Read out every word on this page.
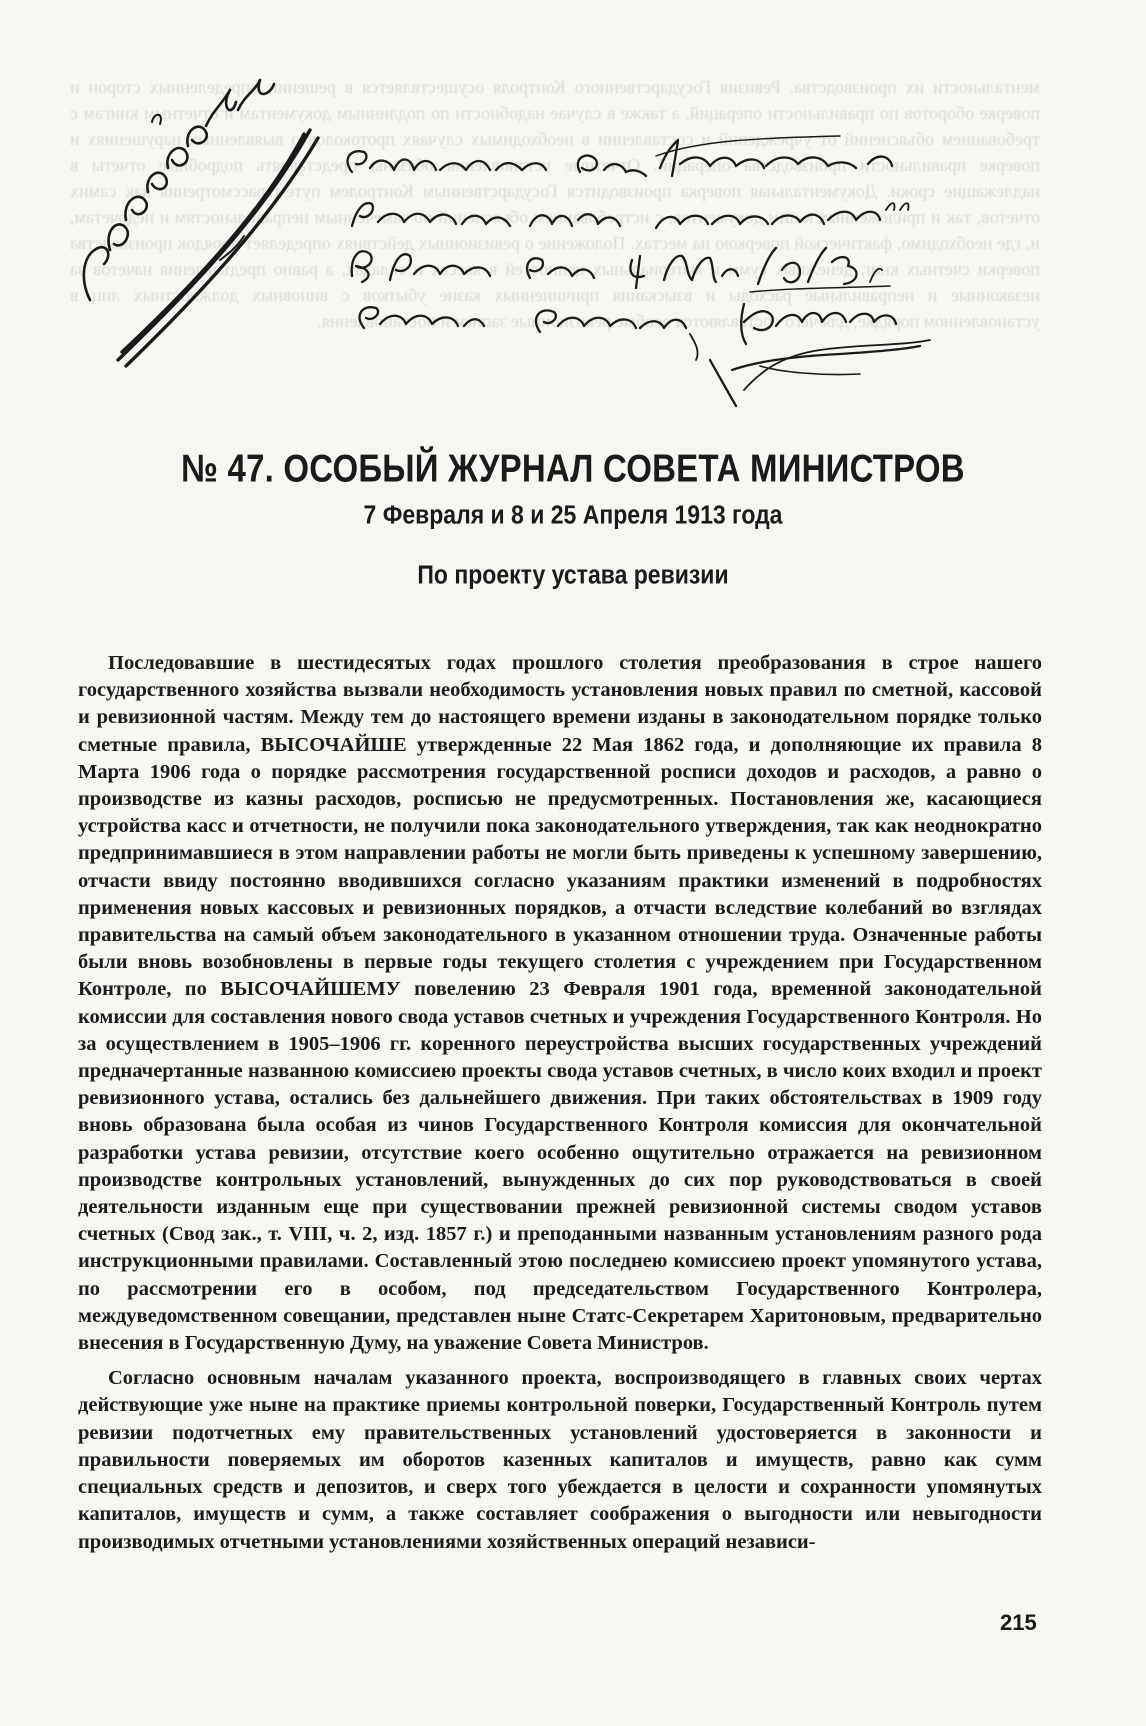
ментальности их производства. Ревизия Государственного Контроля осуществляется в решении определенных сторон и поверке оборотов по правильности операций, а также в случае надобности по подлинным документам и отчетным книгам с требованием объяснений от учреждений и составлении в необходимых случаях протоколов о выявленных нарушениях и поверке правильности производства операций. Отчетные установления обязаны представлять подробные отчеты в надлежащие сроки. Документальная поверка производится Государственным Контролем путем рассмотрения как самих отчетов, так и приложенных к ним документов, с истребованием объяснений по замеченным неправильностям и недочетам, и, где необходимо, фактической поверкою на местах. Положение о ревизионных действиях определяет порядок производства поверки счетных книг, денежных сумм и материальных ценностей в кассах и складах, а равно предъявления начетов за незаконные и неправильные расходы и взыскания причиненных казне убытков с виновных должностных лиц в установленном порядке, для чего составляются особые ревизионные записи и постановления.
№ 47. ОСОБЫЙ ЖУРНАЛ СОВЕТА МИНИСТРОВ
7 Февраля и 8 и 25 Апреля 1913 года
По проекту устава ревизии

Последовавшие в шестидесятых годах прошлого столетия преобразования в строе нашего государственного хозяйства вызвали необходимость установления новых правил по сметной, кассовой и ревизионной частям. Между тем до настоящего времени изданы в законодательном порядке только сметные правила, ВЫСОЧАЙШЕ утвержденные 22 Мая 1862 года, и дополняющие их правила 8 Марта 1906 года о порядке рассмотрения государственной росписи доходов и расходов, а равно о производстве из казны расходов, росписью не предусмотренных. Постановления же, касающиеся устройства касс и отчетности, не получили пока законодательного утверждения, так как неоднократно предпринимавшиеся в этом направлении работы не могли быть приведены к успешному завершению, отчасти ввиду постоянно вводившихся согласно указаниям практики изменений в подробностях применения новых кассовых и ревизионных порядков, а отчасти вследствие колебаний во взглядах правительства на самый объем законодательного в указанном отношении труда. Означенные работы были вновь возобновлены в первые годы текущего столетия с учреждением при Государственном Контроле, по ВЫСОЧАЙШЕМУ повелению 23 Февраля 1901 года, временной законодательной комиссии для составления нового свода уставов счетных и учреждения Государственного Контроля. Но за осуществлением в 1905–1906 гг. коренного переустройства высших государственных учреждений предначертанные названною комиссиею проекты свода уставов счетных, в число коих входил и проект ревизионного устава, остались без дальнейшего движения. При таких обстоятельствах в 1909 году вновь образована была особая из чинов Государственного Контроля комиссия для окончательной разработки устава ревизии, отсутствие коего особенно ощутительно отражается на ревизионном производстве контрольных установлений, вынужденных до сих пор руководствоваться в своей деятельности изданным еще при существовании прежней ревизионной системы сводом уставов счетных (Свод зак., т. VIII, ч. 2, изд. 1857 г.) и преподанными названным установлениям разного рода инструкционными правилами. Составленный этою последнею комиссиею проект упомянутого устава, по рассмотрении его в особом, под председательством Государственного Контролера, междуведомственном совещании, представлен ныне Статс-Секретарем Харитоновым, предварительно внесения в Государственную Думу, на уважение Совета Министров.

Согласно основным началам указанного проекта, воспроизводящего в главных своих чертах действующие уже ныне на практике приемы контрольной поверки, Государственный Контроль путем ревизии подотчетных ему правительственных установлений удостоверяется в законности и правильности поверяемых им оборотов казенных капиталов и имуществ, равно как сумм специальных средств и депозитов, и сверх того убеждается в целости и сохранности упомянутых капиталов, имуществ и сумм, а также составляет соображения о выгодности или невыгодности производимых отчетными установлениями хозяйственных операций независи-

215
